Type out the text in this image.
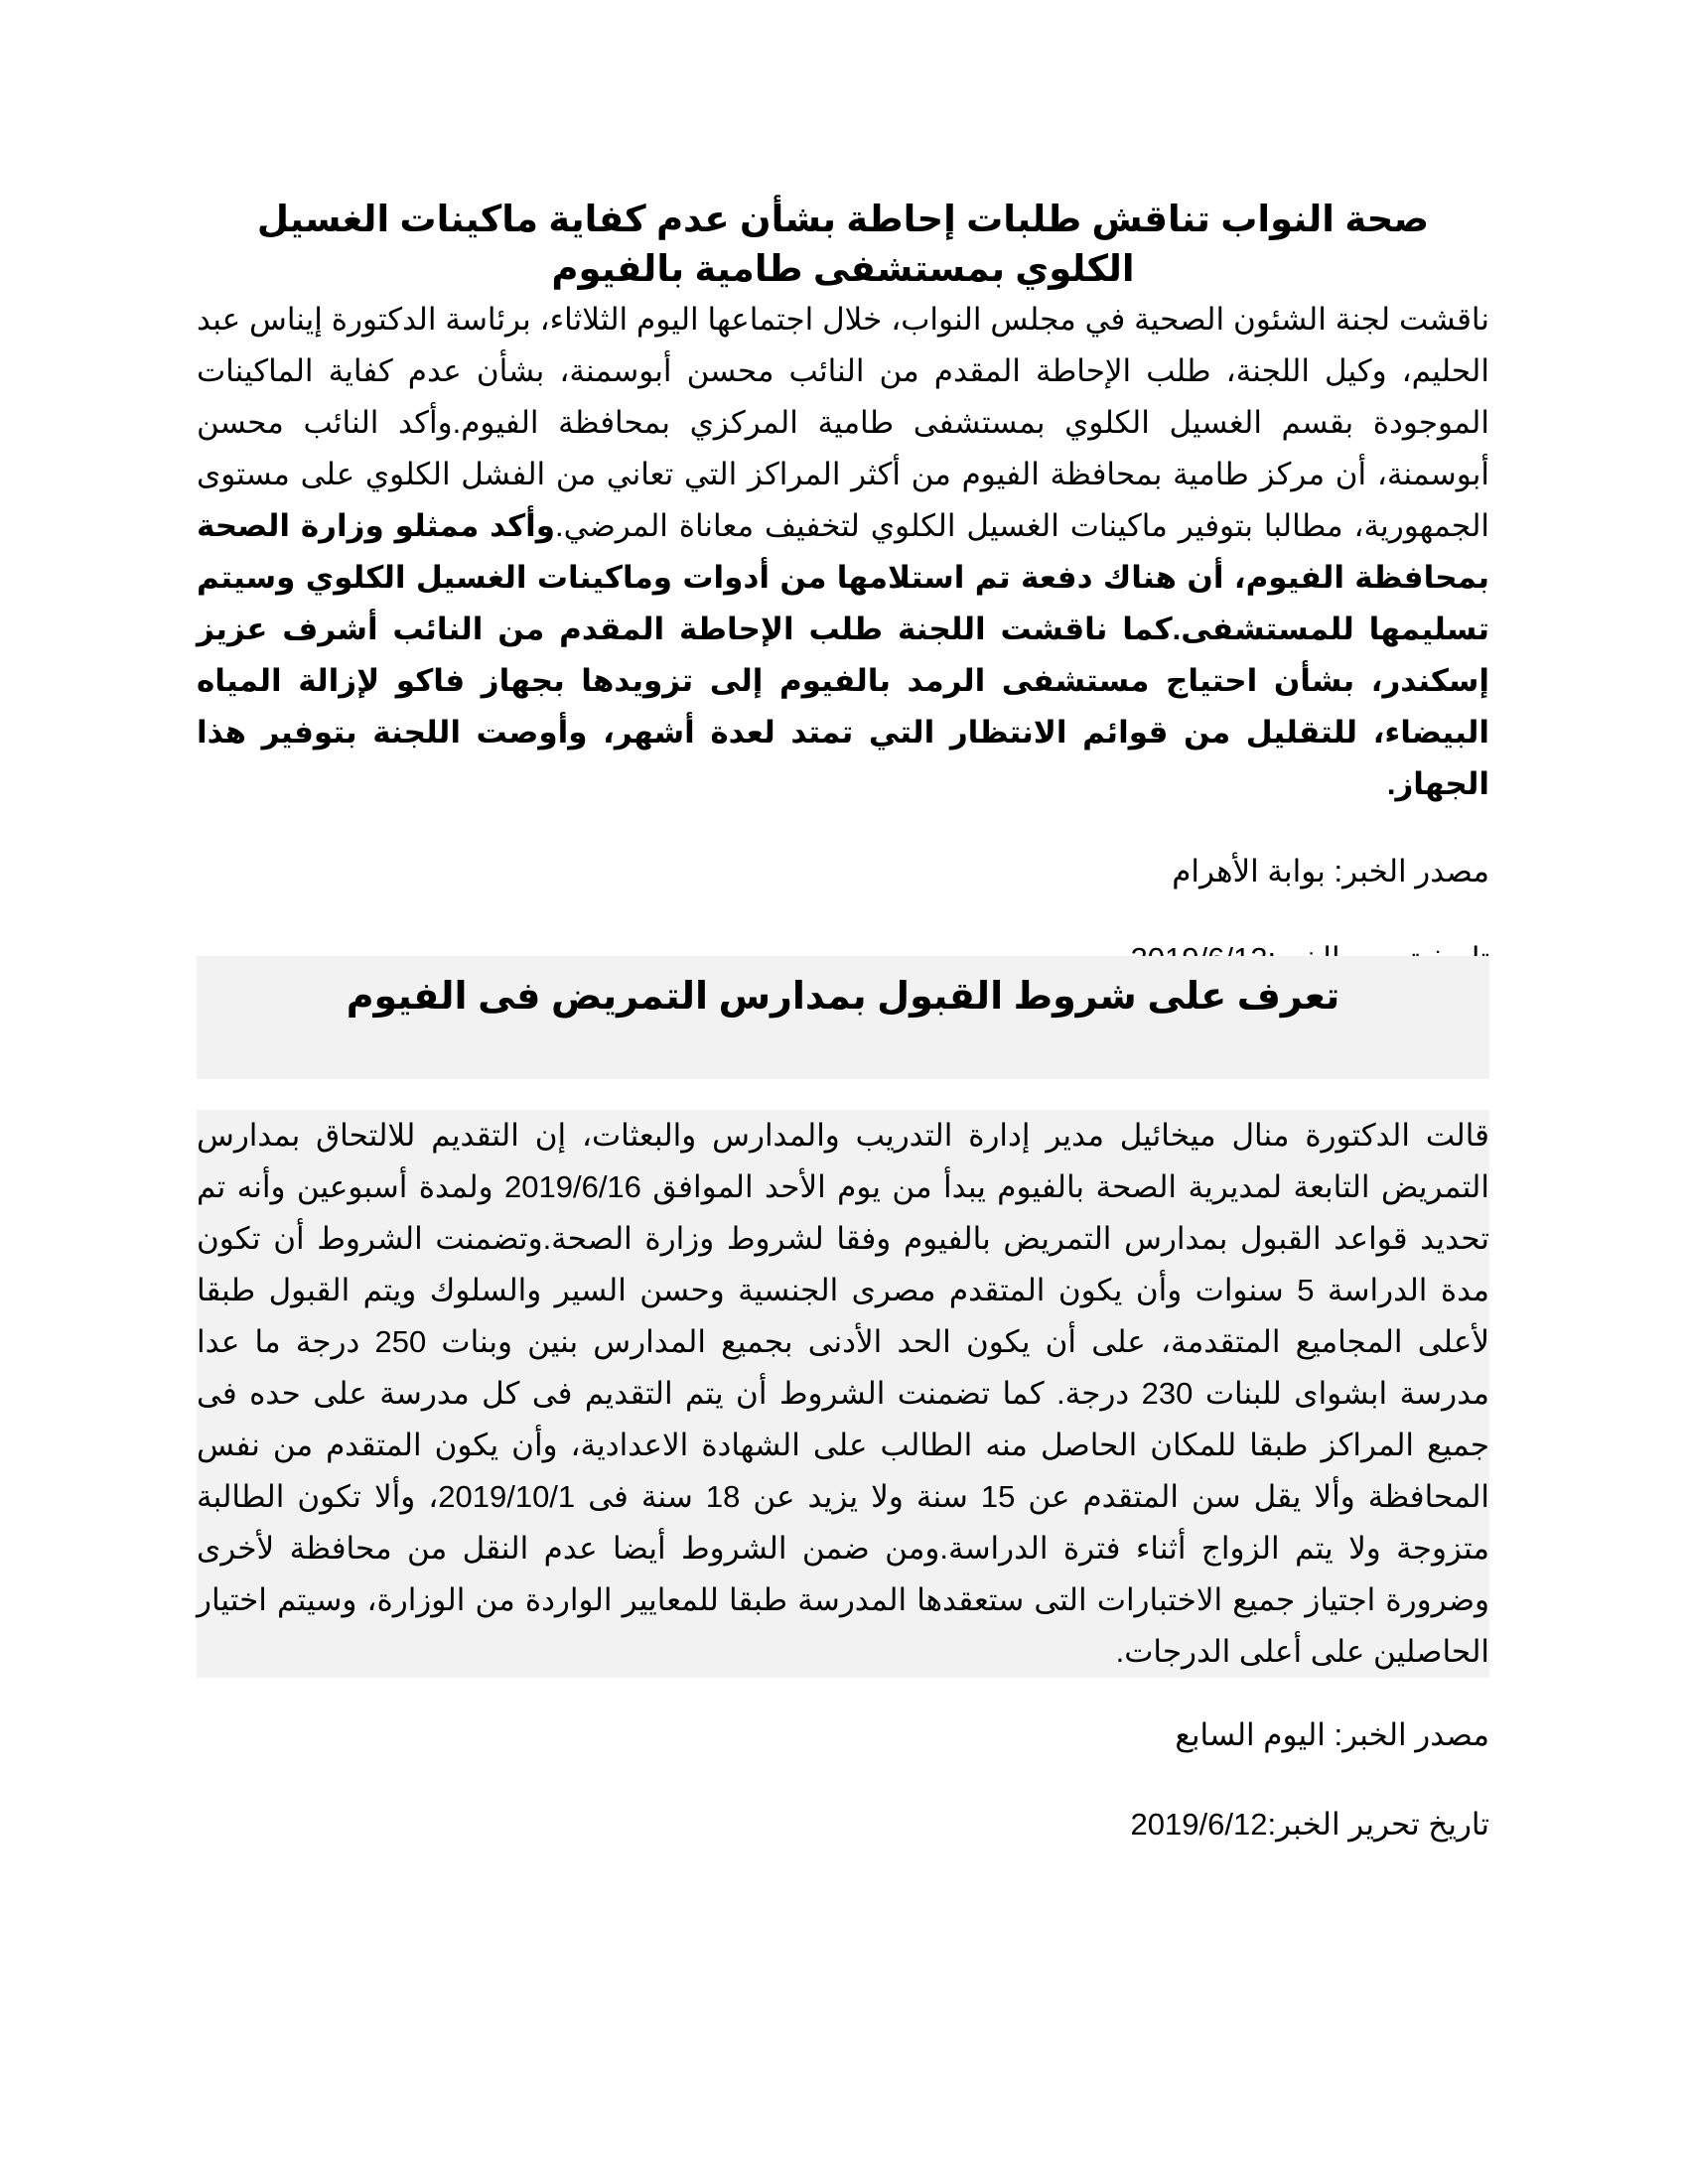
صحة النواب تناقش طلبات إحاطة بشأن عدم كفاية ماكينات الغسيل الكلوي بمستشفى طامية بالفيوم

ناقشت لجنة الشئون الصحية في مجلس النواب، خلال اجتماعها اليوم الثلاثاء، برئاسة الدكتورة إيناس عبد الحليم، وكيل اللجنة، طلب الإحاطة المقدم من النائب محسن أبوسمنة، بشأن عدم كفاية الماكينات الموجودة بقسم الغسيل الكلوي بمستشفى طامية المركزي بمحافظة الفيوم.وأكد النائب محسن أبوسمنة، أن مركز طامية بمحافظة الفيوم من أكثر المراكز التي تعاني من الفشل الكلوي على مستوى الجمهورية، مطالبا بتوفير ماكينات الغسيل الكلوي لتخفيف معاناة المرضي.وأكد ممثلو وزارة الصحة بمحافظة الفيوم، أن هناك دفعة تم استلامها من أدوات وماكينات الغسيل الكلوي وسيتم تسليمها للمستشفى.كما ناقشت اللجنة طلب الإحاطة المقدم من النائب أشرف عزيز إسكندر، بشأن احتياج مستشفى الرمد بالفيوم إلى تزويدها بجهاز فاكو لإزالة المياه البيضاء، للتقليل من قوائم الانتظار التي تمتد لعدة أشهر، وأوصت اللجنة بتوفير هذا الجهاز.

مصدر الخبر: بوابة الأهرام

تعرف على شروط القبول بمدارس التمريض فى الفيوم

قالت الدكتورة منال ميخائيل مدير إدارة التدريب والمدارس والبعثات، إن التقديم للالتحاق بمدارس التمريض التابعة لمديرية الصحة بالفيوم يبدأ من يوم الأحد الموافق 2019/6/16 ولمدة أسبوعين وأنه تم تحديد قواعد القبول بمدارس التمريض بالفيوم وفقا لشروط وزارة الصحة.وتضمنت الشروط أن تكون مدة الدراسة 5 سنوات وأن يكون المتقدم مصرى الجنسية وحسن السير والسلوك ويتم القبول طبقا لأعلى المجاميع المتقدمة، على أن يكون الحد الأدنى بجميع المدارس بنين وبنات 250 درجة ما عدا مدرسة ابشواى للبنات 230 درجة. كما تضمنت الشروط أن يتم التقديم فى كل مدرسة على حده فى جميع المراكز طبقا للمكان الحاصل منه الطالب على الشهادة الاعدادية، وأن يكون المتقدم من نفس المحافظة وألا يقل سن المتقدم عن 15 سنة ولا يزيد عن 18 سنة فى 2019/10/1، وألا تكون الطالبة متزوجة ولا يتم الزواج أثناء فترة الدراسة.ومن ضمن الشروط أيضا عدم النقل من محافظة لأخرى وضرورة اجتياز جميع الاختبارات التى ستعقدها المدرسة طبقا للمعايير الواردة من الوزارة، وسيتم اختيار الحاصلين على أعلى الدرجات.

مصدر الخبر: اليوم السابع

تاريخ تحرير الخبر:2019/6/12
